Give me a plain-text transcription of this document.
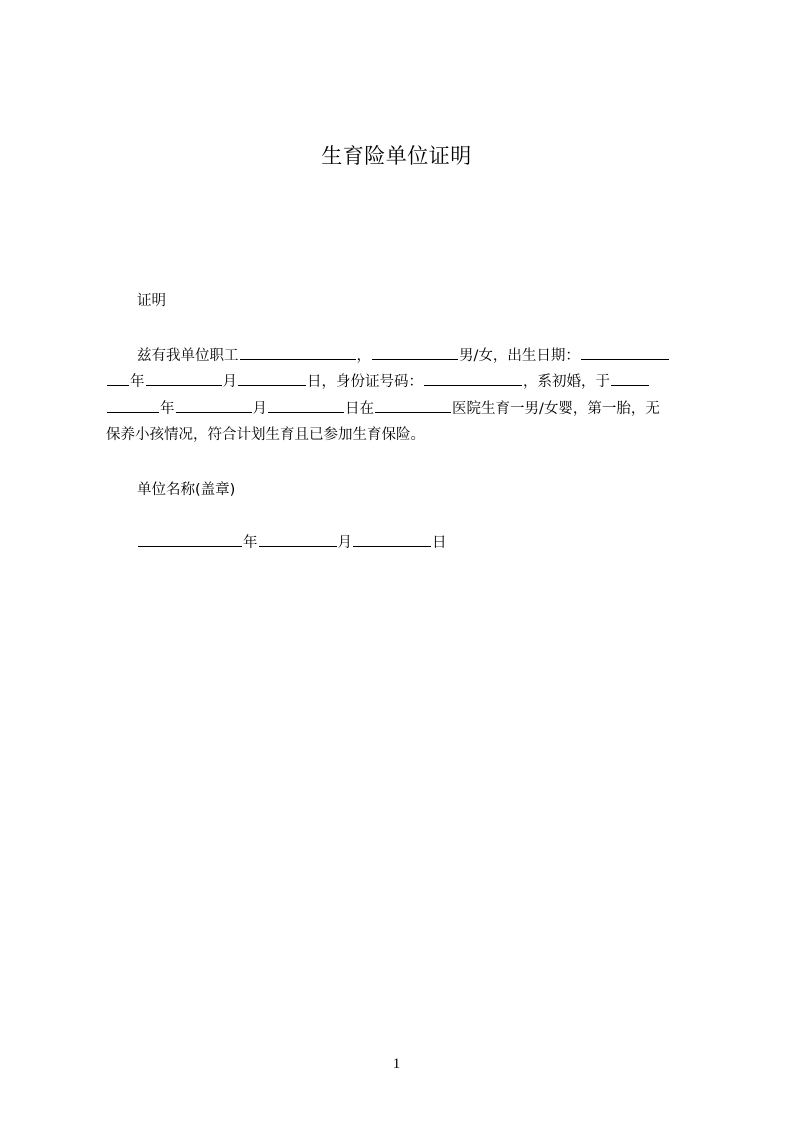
生育险单位证明
证明
兹有我单位职工	，	男/女，出生日期：
年	月	日，身份证号码：	，系初婚，于
年	月	日在	医院生育一男/女婴，第一胎，无
保养小孩情况，符合计划生育且已参加生育保险。
单位名称(盖章)
年	月	日
1
